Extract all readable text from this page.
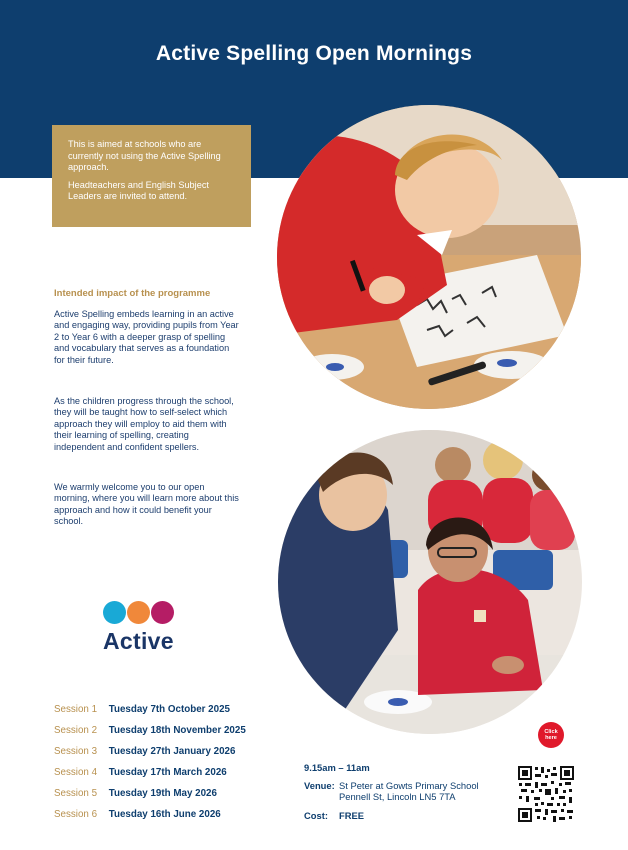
Active Spelling Open Mornings

This is aimed at schools who are currently not using the Active Spelling approach.

Headteachers and English Subject Leaders are invited to attend.

Intended impact of the programme

Active Spelling embeds learning in an active and engaging way, providing pupils from Year 2 to Year 6 with a deeper grasp of spelling and vocabulary that serves as a foundation for their future.

As the children progress through the school, they will be taught how to self-select which approach they will employ to aid them with their learning of spelling, creating independent and confident spellers.

We warmly welcome you to our open morning, where you will learn more about this approach and how it could benefit your school.

Active
Session 1 Tuesday 7th October 2025
Session 2 Tuesday 18th November 2025
Session 3 Tuesday 27th January 2026
Session 4 Tuesday 17th March 2026
Session 5 Tuesday 19th May 2026
Session 6 Tuesday 16th June 2026
9.15am – 11am
Venue: St Peter at Gowts Primary School
Pennell St, Lincoln LN5 7TA
Cost: FREE
Click
here
